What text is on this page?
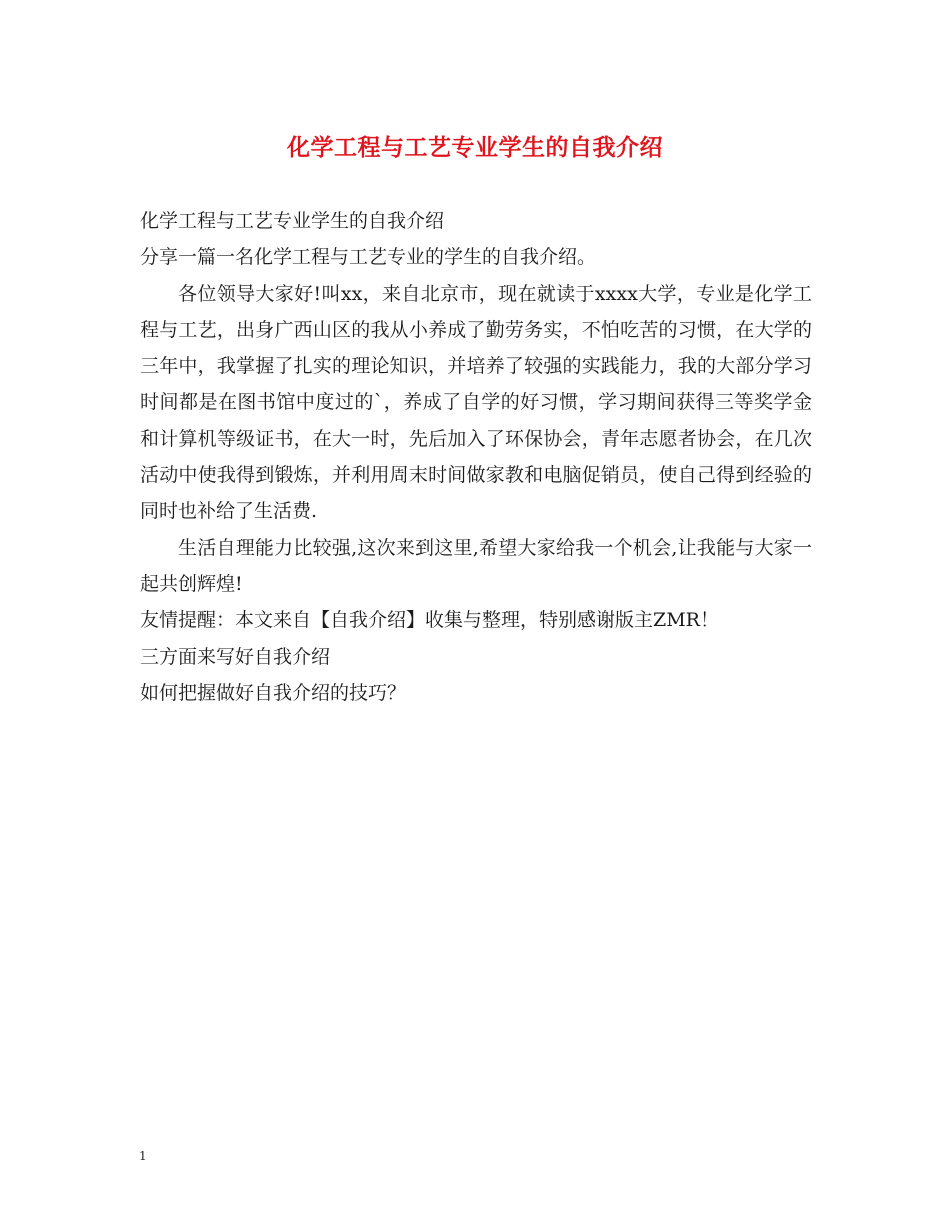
化学工程与工艺专业学生的自我介绍

化学工程与工艺专业学生的自我介绍

分享一篇一名化学工程与工艺专业的学生的自我介绍。

各位领导大家好!叫xx，来自北京市，现在就读于xxxx大学，专业是化学工程与工艺，出身广西山区的我从小养成了勤劳务实，不怕吃苦的习惯，在大学的三年中，我掌握了扎实的理论知识，并培养了较强的实践能力，我的大部分学习时间都是在图书馆中度过的`，养成了自学的好习惯，学习期间获得三等奖学金和计算机等级证书，在大一时，先后加入了环保协会，青年志愿者协会，在几次活动中使我得到锻炼，并利用周末时间做家教和电脑促销员，使自己得到经验的同时也补给了生活费.

生活自理能力比较强,这次来到这里,希望大家给我一个机会,让我能与大家一起共创辉煌!

友情提醒：本文来自【自我介绍】收集与整理，特别感谢版主ZMR！

三方面来写好自我介绍

如何把握做好自我介绍的技巧？

1
